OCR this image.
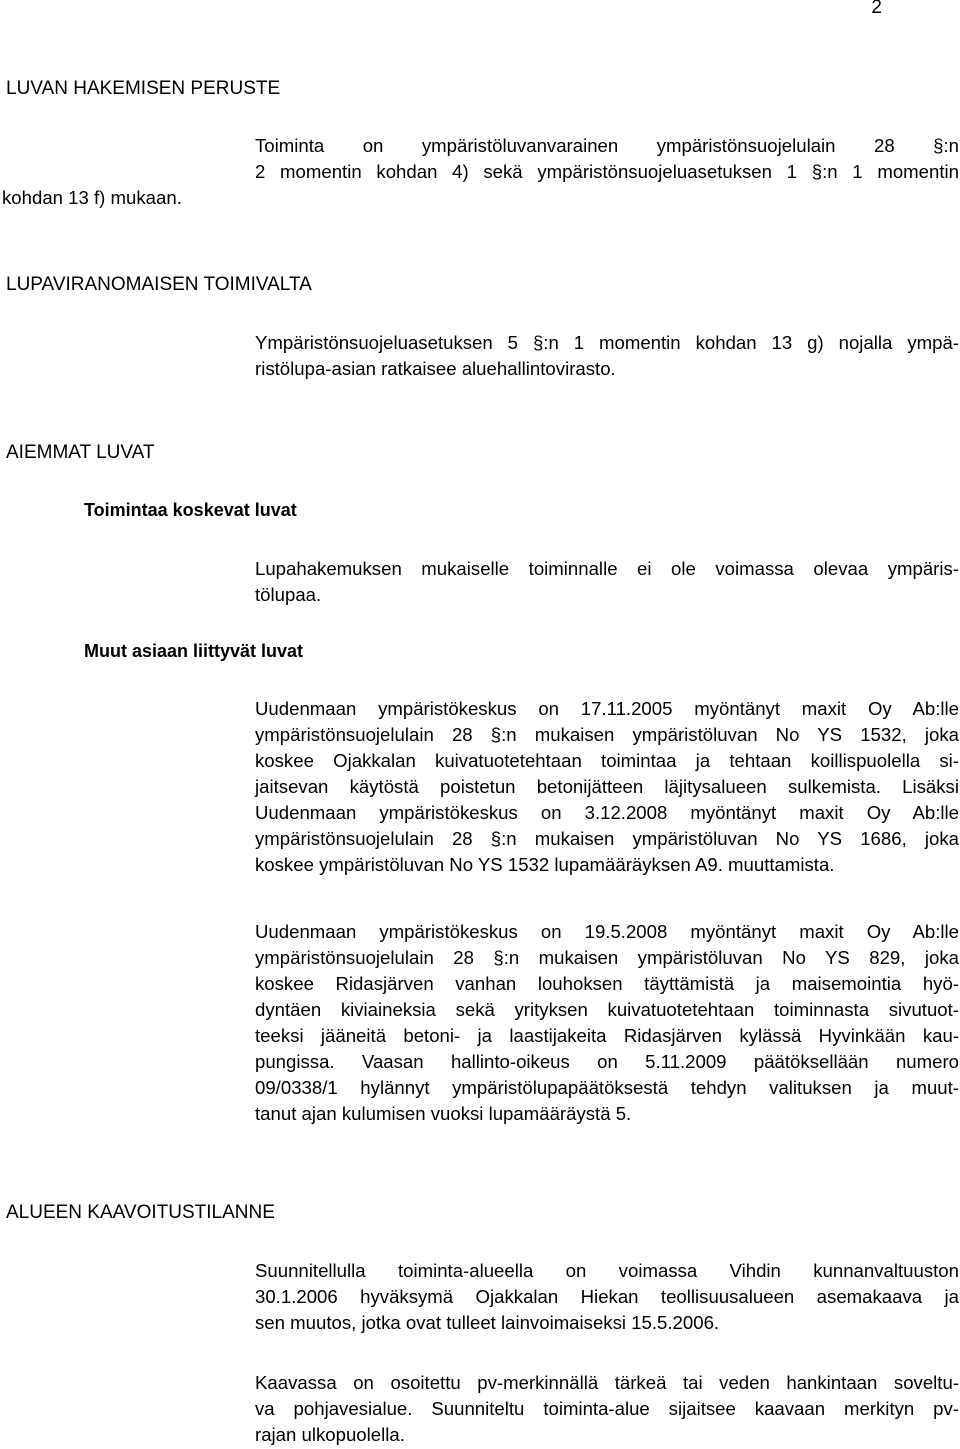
2
LUVAN HAKEMISEN PERUSTE
Toiminta on ympäristöluvanvarainen ympäristönsuojelulain 28 §:n
2 momentin kohdan 4) sekä ympäristönsuojeluasetuksen 1 §:n 1 momentin
kohdan 13 f) mukaan.
LUPAVIRANOMAISEN TOIMIVALTA
Ympäristönsuojeluasetuksen 5 §:n 1 momentin kohdan 13 g) nojalla ympä-
ristölupa-asian ratkaisee aluehallintovirasto.
AIEMMAT LUVAT
Toimintaa koskevat luvat
Lupahakemuksen mukaiselle toiminnalle ei ole voimassa olevaa ympäris-
tölupaa.
Muut asiaan liittyvät luvat
Uudenmaan ympäristökeskus on 17.11.2005 myöntänyt maxit Oy Ab:lle
ympäristönsuojelulain 28 §:n mukaisen ympäristöluvan No YS 1532, joka
koskee Ojakkalan kuivatuotetehtaan toimintaa ja tehtaan koillispuolella si-
jaitsevan käytöstä poistetun betonijätteen läjitysalueen sulkemista. Lisäksi
Uudenmaan ympäristökeskus on 3.12.2008 myöntänyt maxit Oy Ab:lle
ympäristönsuojelulain 28 §:n mukaisen ympäristöluvan No YS 1686, joka
koskee ympäristöluvan No YS 1532 lupamääräyksen A9. muuttamista.
Uudenmaan ympäristökeskus on 19.5.2008 myöntänyt maxit Oy Ab:lle
ympäristönsuojelulain 28 §:n mukaisen ympäristöluvan No YS 829, joka
koskee Ridasjärven vanhan louhoksen täyttämistä ja maisemointia hyö-
dyntäen kiviaineksia sekä yrityksen kuivatuotetehtaan toiminnasta sivutuot-
teeksi jääneitä betoni- ja laastijakeita Ridasjärven kylässä Hyvinkään kau-
pungissa. Vaasan hallinto-oikeus on 5.11.2009 päätöksellään numero
09/0338/1 hylännyt ympäristölupapäätöksestä tehdyn valituksen ja muut-
tanut ajan kulumisen vuoksi lupamääräystä 5.
ALUEEN KAAVOITUSTILANNE
Suunnitellulla toiminta-alueella on voimassa Vihdin kunnanvaltuuston
30.1.2006 hyväksymä Ojakkalan Hiekan teollisuusalueen asemakaava ja
sen muutos, jotka ovat tulleet lainvoimaiseksi 15.5.2006.
Kaavassa on osoitettu pv-merkinnällä tärkeä tai veden hankintaan soveltu-
va pohjavesialue. Suunniteltu toiminta-alue sijaitsee kaavaan merkityn pv-
rajan ulkopuolella.
